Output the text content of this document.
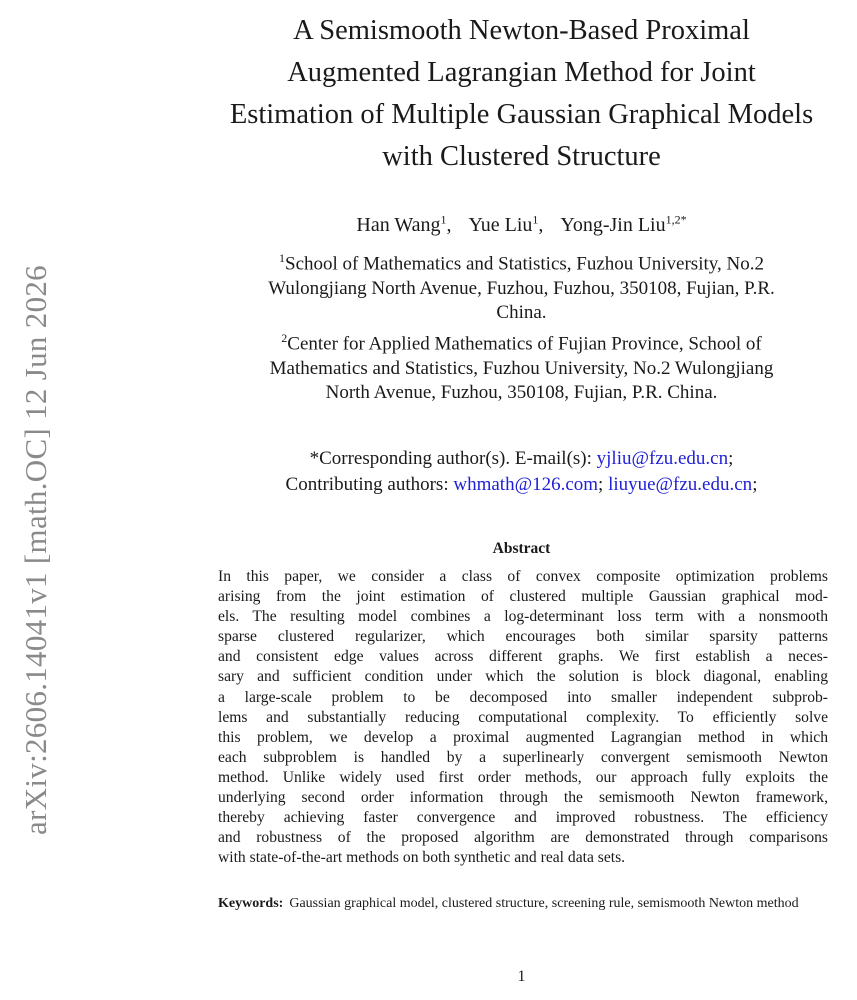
arXiv:2606.14041v1 [math.OC] 12 Jun 2026
A Semismooth Newton-Based Proximal
Augmented Lagrangian Method for Joint
Estimation of Multiple Gaussian Graphical Models
with Clustered Structure
Han Wang$^1$, Yue Liu$^1$, Yong-Jin Liu$^{1,2*}$
$^1$School of Mathematics and Statistics, Fuzhou University, No.2
Wulongjiang North Avenue, Fuzhou, Fuzhou, 350108, Fujian, P.R.
China.
$^2$Center for Applied Mathematics of Fujian Province, School of
Mathematics and Statistics, Fuzhou University, No.2 Wulongjiang
North Avenue, Fuzhou, 350108, Fujian, P.R. China.
*Corresponding author(s). E-mail(s): yjliu@fzu.edu.cn;
Contributing authors: whmath@126.com; liuyue@fzu.edu.cn;
Abstract
In this paper, we consider a class of convex composite optimization problems
arising from the joint estimation of clustered multiple Gaussian graphical mod-
els. The resulting model combines a log-determinant loss term with a nonsmooth
sparse clustered regularizer, which encourages both similar sparsity patterns
and consistent edge values across different graphs. We first establish a neces-
sary and sufficient condition under which the solution is block diagonal, enabling
a large-scale problem to be decomposed into smaller independent subprob-
lems and substantially reducing computational complexity. To efficiently solve
this problem, we develop a proximal augmented Lagrangian method in which
each subproblem is handled by a superlinearly convergent semismooth Newton
method. Unlike widely used first order methods, our approach fully exploits the
underlying second order information through the semismooth Newton framework,
thereby achieving faster convergence and improved robustness. The efficiency
and robustness of the proposed algorithm are demonstrated through comparisons
with state-of-the-art methods on both synthetic and real data sets.
Keywords: Gaussian graphical model, clustered structure, screening rule, semismooth Newton method
1
